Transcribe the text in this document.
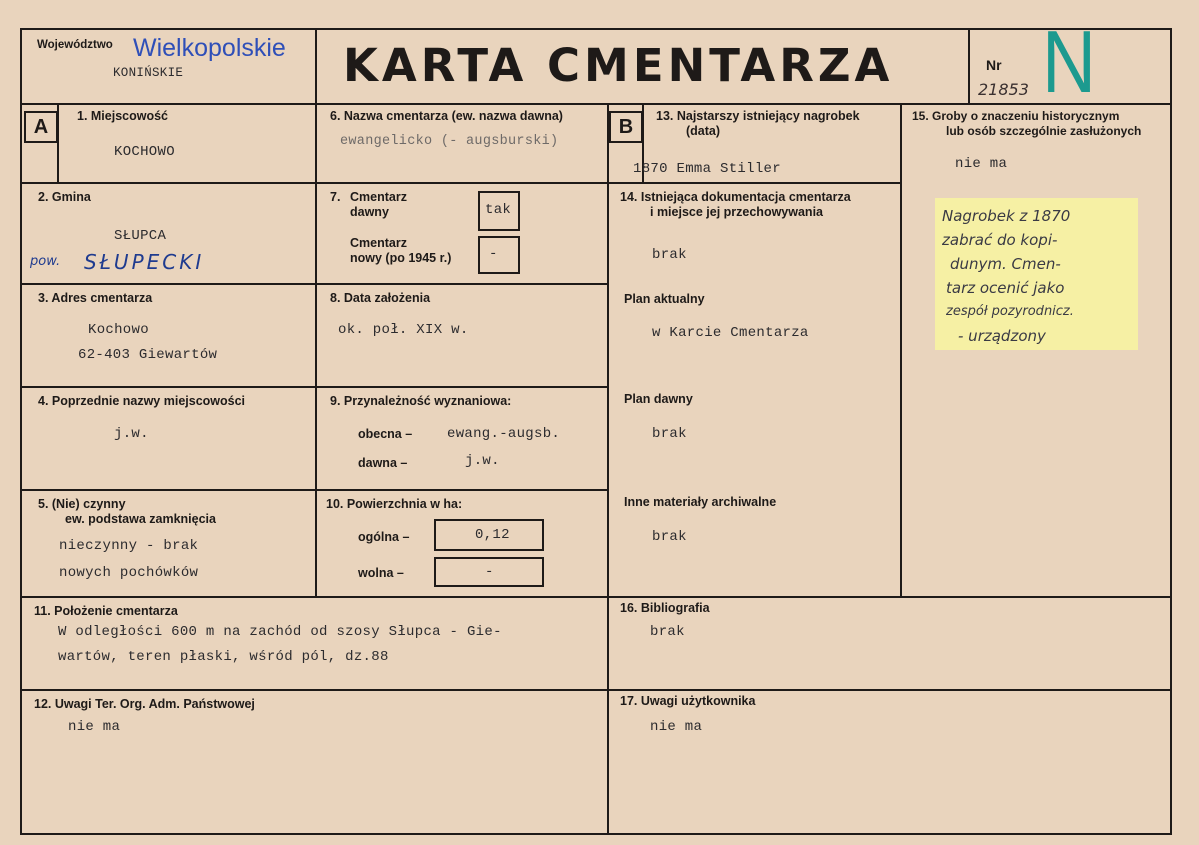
Województwo Wielkopolskie
KONIŃSKIE	KARTA CMENTARZA	Nr N
21853
A	1. Miejscowość
KOCHOWO
2. Gmina
SŁUPCA
pow. SŁUPECKI
3. Adres cmentarza
Kochowo
62-403 Giewartów
4. Poprzednie nazwy miejscowości
j.w.
5. (Nie) czynny
ew. podstawa zamknięcia
nieczynny - brak
nowych pochówków
6. Nazwa cmentarza (ew. nazwa dawna)
ewangelicko (- augsburski)
7. Cmentarz
dawny	tak
Cmentarz
nowy (po 1945 r.)	-
8. Data założenia
ok. poł. XIX w.
9. Przynależność wyznaniowa:
obecna – ewang.-augsb.
dawna –	j.w.
10. Powierzchnia w ha:
ogólna –	0,12
wolna –	-
B	13. Najstarszy istniejący nagrobek
(data)
1870 Emma Stiller
14. Istniejąca dokumentacja cmentarza
i miejsce jej przechowywania
brak
Plan aktualny
w Karcie Cmentarza
Plan dawny
brak
Inne materiały archiwalne
brak
15. Groby o znaczeniu historycznym
lub osób szczególnie zasłużonych
nie ma
Nagrobek z 1870
zabrać do kopi-
dunym. Cmen-
tarz ocenić jako
zespół pozyrodnicz.
- urządzony
11. Położenie cmentarza
W odległości 600 m na zachód od szosy Słupca - Gie-
wartów, teren płaski, wśród pól, dz.88
16. Bibliografia
brak
12. Uwagi Ter. Org. Adm. Państwowej
nie ma
17. Uwagi użytkownika
nie ma
